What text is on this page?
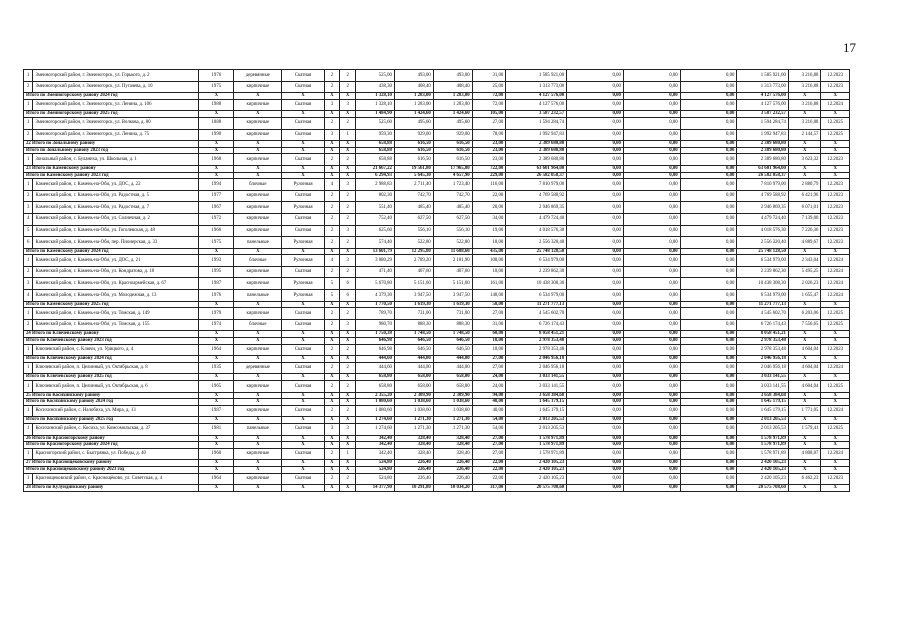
17
1	Змеиногорский район, г. Змеиногорск, ул. Горького, д. 2	1976	деревянные	Скатная	2	2	525,00	493,00	493,00	31,00	1 585 921,00	0,00	0,00	0,00	1 585 921,00	3 216,88	12.2023
2	Змеиногорский район, г. Змеиногорск, ул. Пугачева, д. 10	1975	кирпичные	Скатная	2	2	438,30	408,40	408,40	25,00	1 313 773,00	0,00	0,00	0,00	1 313 773,00	3 216,88	12.2023
Итого по Змеиногорскому району 2024 год		X	X	X	X	X	1 328,10	1 283,00	1 283,00	72,00	4 127 576,00	0,00	0,00	0,00	4 127 576,00	X	X
1	Змеиногорский район, г. Змеиногорск, ул. Ленина, д. 106	1988	кирпичные	Скатная	3	3	1 328,10	1 283,00	1 283,00	72,00	4 127 576,00	0,00	0,00	0,00	4 127 576,00	3 216,88	12.2024
Итого по Змеиногорскому району 2025 год		X	X	X	X	X	1 484,90	1 424,60	1 424,60	105,00	3 587 232,57	0,00	0,00	0,00	3 587 232,57	X	X
1	Змеиногорский район, г. Змеиногорск, ул. Волкова, д. 80	1888	кирпичные	Скатная	2	2	525,60	495,60	495,60	27,00	1 594 284,74	0,00	0,00	0,00	1 594 284,74	3 216,88	12.2025
2	Змеиногорский район, г. Змеиногорск, ул. Ленина, д. 75	1990	кирпичные	Скатная	3	1	959,30	929,00	929,00	78,00	1 992 947,83	0,00	0,00	0,00	1 992 947,83	2 144,57	12.2025
22 Итого по Зональному району		X	X	X	X	X	658,88	616,50	616,50	23,00	2 389 680,80	0,00	0,00	0,00	2 389 680,80	X	X
Итого по Зональному району 2023 год		X	X	X	X	X	658,88	616,50	616,50	23,00	2 389 680,80	0,00	0,00	0,00	2 389 680,80	X	X
1	Зональный район, с. Буланиха, ул. Школьная, д. 1	1968	кирпичные	Скатная	2	2	658,88	616,50	616,50	23,00	2 389 680,80	0,00	0,00	0,00	2 389 680,80	3 623,32	12.2023
23 Итого по Каменскому району		X	X	X	X	X	21 667,22	19 561,80	17 965,80	722,00	63 601 964,00	0,00	0,00	0,00	63 601 964,00	X	X
Итого по Каменскому району 2023 год		X	X	X	X	X	6 294,93	5 645,30	4 657,90	229,00	26 582 058,37	0,00	0,00	0,00	26 582 058,37	X	X
1	Каменский район, г. Камень-на-Оби, ул. ДОС, д. 22	1994	блочные	Рулонная	4	3	2 988,83	2 711,40	1 723,40	116,00	7 810 979,00	0,00	0,00	0,00	7 810 979,00	2 880,79	12.2023
2	Каменский район, г. Камень-на-Оби, ул. Радостная, д. 5	1977	кирпичные	Скатная	2	2	802,30	742,70	742,70	22,00	4 769 588,92	0,00	0,00	0,00	4 769 588,92	6 421,96	12.2023
3	Каменский район, г. Камень-на-Оби, ул. Радостная, д. 7	1967	кирпичные	Рулонная	2	2	551,40	485,40	485,40	20,00	2 946 869,35	0,00	0,00	0,00	2 946 869,35	6 071,01	12.2023
4	Каменский район, г. Камень-на-Оби, ул. Солнечная, д. 2	1972	кирпичные	Скатная	2	2	752,40	627,50	627,50	34,00	4 479 724,40	0,00	0,00	0,00	4 479 724,40	7 139,00	12.2023
5	Каменский район, г. Камень-на-Оби, ул. Гоголевская, д. 48	1966	кирпичные	Скатная	2	3	625,60	556,10	556,10	19,00	4 018 576,30	0,00	0,00	0,00	4 018 576,30	7 226,36	12.2023
6	Каменский район, г. Камень-на-Оби, пер. Пионерская, д. 33	1975	панельные	Рулонная	2	2	574,40	522,80	522,80	18,00	2 556 320,40	0,00	0,00	0,00	2 556 320,40	4 889,67	12.2023
Итого по Каменскому району 2024 год		X	X	X	X	X	13 601,79	12 295,80	11 688,60	435,00	25 748 128,50	0,00	0,00	0,00	25 748 128,50	X	X
1	Каменский район, г. Камень-на-Оби, ул. ДОС, д. 21	1993	блочные	Рулонная	4	3	3 080,29	2 789,20	2 181,90	108,00	6 534 979,00	0,00	0,00	0,00	6 534 979,00	2 343,04	12.2024
2	Каменский район, г. Камень-на-Оби, ул. Кондратова, д. 18	1995	кирпичные	Скатная	2	2	471,40	407,60	407,60	18,00	2 239 862,30	0,00	0,00	0,00	2 239 862,30	5 495,25	12.2024
3	Каменский район, г. Камень-на-Оби, ул. Красноармейская, д. 67	1987	кирпичные	Рулонная	5	6	5 670,80	5 151,60	5 151,60	161,00	10 438 308,30	0,00	0,00	0,00	10 438 308,30	2 026,23	12.2024
4	Каменский район, г. Камень-на-Оби, ул. Молодежная, д. 13	1976	панельные	Рулонная	5	6	4 379,30	3 947,50	3 947,50	148,00	6 534 979,00	0,00	0,00	0,00	6 534 979,00	1 655,47	12.2024
Итого по Каменскому району 2025 год		X	X	X	X	X	1 770,50	1 619,30	1 619,30	58,00	11 271 777,13	0,00	0,00	0,00	11 271 777,13	X	X
1	Каменский район, г. Камень-на-Оби, ул. Томская, д. 149	1979	кирпичные	Скатная	2	2	789,70	731,00	731,00	27,00	4 545 602,70	0,00	0,00	0,00	4 545 602,70	6 203,06	12.2025
2	Каменский район, г. Камень-на-Оби, ул. Томская, д. 155	1974	блочные	Скатная	2	3	980,70	888,30	888,30	31,00	6 726 174,43	0,00	0,00	0,00	6 726 174,43	7 556,65	12.2025
24 Итого по Ключевскому району		X	X	X	X	X	1 750,38	1 748,50	1 748,50	60,00	8 058 451,21	0,00	0,00	0,00	8 058 451,21	X	X
Итого по Ключевскому району 2023 год		X	X	X	X	X	646,98	646,50	646,50	18,00	2 978 353,48	0,00	0,00	0,00	2 978 353,48	X	X
1	Ключевский район, с. Ключи, ул. Урицкого, д. 4	1964	кирпичные	Скатная	2	2	646,98	646,50	646,50	18,00	2 978 353,48	0,00	0,00	0,00	2 978 353,48	4 604,04	12.2023
Итого по Ключевскому району 2024 год		X	X	X	X	X	444,60	444,00	444,00	27,00	2 046 956,18	0,00	0,00	0,00	2 046 956,18	X	X
1	Ключевский район, п. Целинный, ул. Октябрьская, д. 8	1935	деревянные	Скатная	2	2	444,60	444,00	444,00	27,00	2 046 956,18	0,00	0,00	0,00	2 046 956,18	4 604,04	12.2024
Итого по Ключевскому району 2025 год		X	X	X	X	X	658,80	658,00	658,00	24,00	3 033 141,55	0,00	0,00	0,00	3 033 141,55	X	X
1	Ключевский район, п. Целинный, ул. Октябрьская, д. 6	1965	кирпичные	Скатная	2	2	658,80	658,00	658,00	24,00	3 033 141,55	0,00	0,00	0,00	3 033 141,55	4 604,04	12.2025
25 Итого по Косихинскому району		X	X	X	X	X	2 355,20	2 309,90	2 309,90	94,00	3 658 384,68	0,00	0,00	0,00	3 658 384,68	X	X
Итого по Косихинскому району 2024 год		X	X	X	X	X	1 080,60	1 038,60	1 038,60	40,00	1 645 179,15	0,00	0,00	0,00	1 645 179,15	X	X
1	Косихинский район, с. Налобиха, ул. Мира, д. 13	1987	кирпичные	Скатная	2	2	1 080,60	1 038,60	1 038,60	40,00	1 645 179,15	0,00	0,00	0,00	1 645 179,15	1 771,05	12.2024
Итого по Косихинскому району 2025 год		X	X	X	X	X	1 274,60	1 271,30	1 271,30	54,00	2 013 205,53	0,00	0,00	0,00	2 013 205,53	X	X
1	Косихинский район, с. Косиха, ул. Комсомольская, д. 37	1981	панельные	Скатная	3	3	1 274,60	1 271,30	1 271,30	54,00	2 013 205,53	0,00	0,00	0,00	2 013 205,53	1 579,41	12.2025
26 Итого по Красногорскому району		X	X	X	X	X	342,40	328,40	328,40	27,00	1 578 971,89	0,00	0,00	0,00	1 578 971,89	X	X
Итого по Красногорскому району 2024 год		X	X	X	X	X	342,40	328,40	328,40	27,00	1 578 971,89	0,00	0,00	0,00	1 578 971,89	X	X
1	Красногорский район, с. Быстрянка, ул. Победы, д. 40	1960	кирпичные	Скатная	2	1	342,40	328,40	328,40	27,00	1 578 971,89	0,00	0,00	0,00	1 578 971,89	4 808,07	12.2024
27 Итого по Краснощековскому району		X	X	X	X	X	524,80	226,40	226,40	22,00	2 420 105,23	0,00	0,00	0,00	2 420 105,23	X	X
Итого по Краснощековскому району 2023 год		X	X	X	X	X	524,80	226,40	226,40	22,00	2 420 105,23	0,00	0,00	0,00	2 420 105,23	X	X
1	Краснощековский район, с. Краснощёково, ул. Советская, д. 4	1964	кирпичные	Скатная	2	2	524,80	226,40	226,40	22,00	2 420 105,23	0,00	0,00	0,00	2 420 105,23	6 462,23	12.2023
28 Итого по Кулундинскому району		X	X	X	X	X	14 377,90	10 291,80	10 034,20	317,00	20 575 708,60	0,00	0,00	0,00	20 575 708,60	X	X
